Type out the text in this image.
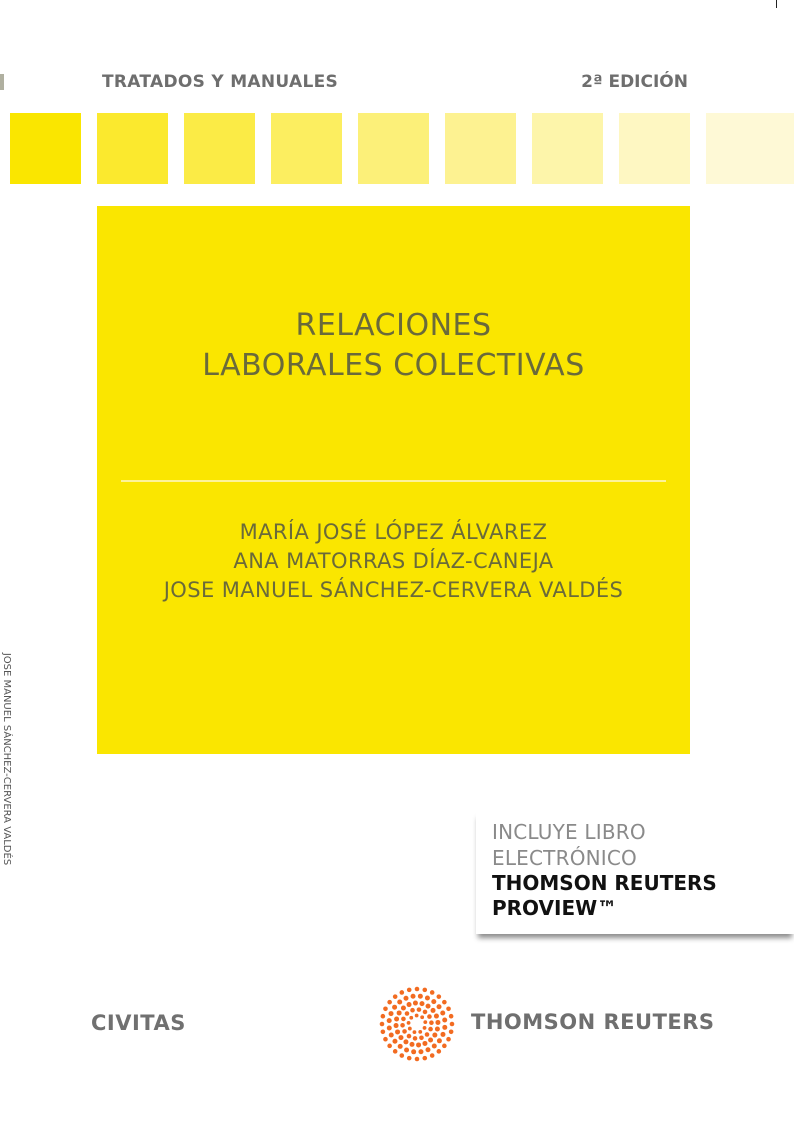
TRATADOS Y MANUALES	2ª EDICIÓN
RELACIONES
LABORALES COLECTIVAS
MARÍA JOSÉ LÓPEZ ÁLVAREZ
ANA MATORRAS DÍAZ-CANEJA
JOSE MANUEL SÁNCHEZ-CERVERA VALDÉS
JOSE MANUEL SÁNCHEZ-CERVERA VALDÉS	INCLUYE LIBRO
ELECTRÓNICO
THOMSON REUTERS
PROVIEW™
CIVITAS	THOMSON REUTERS
